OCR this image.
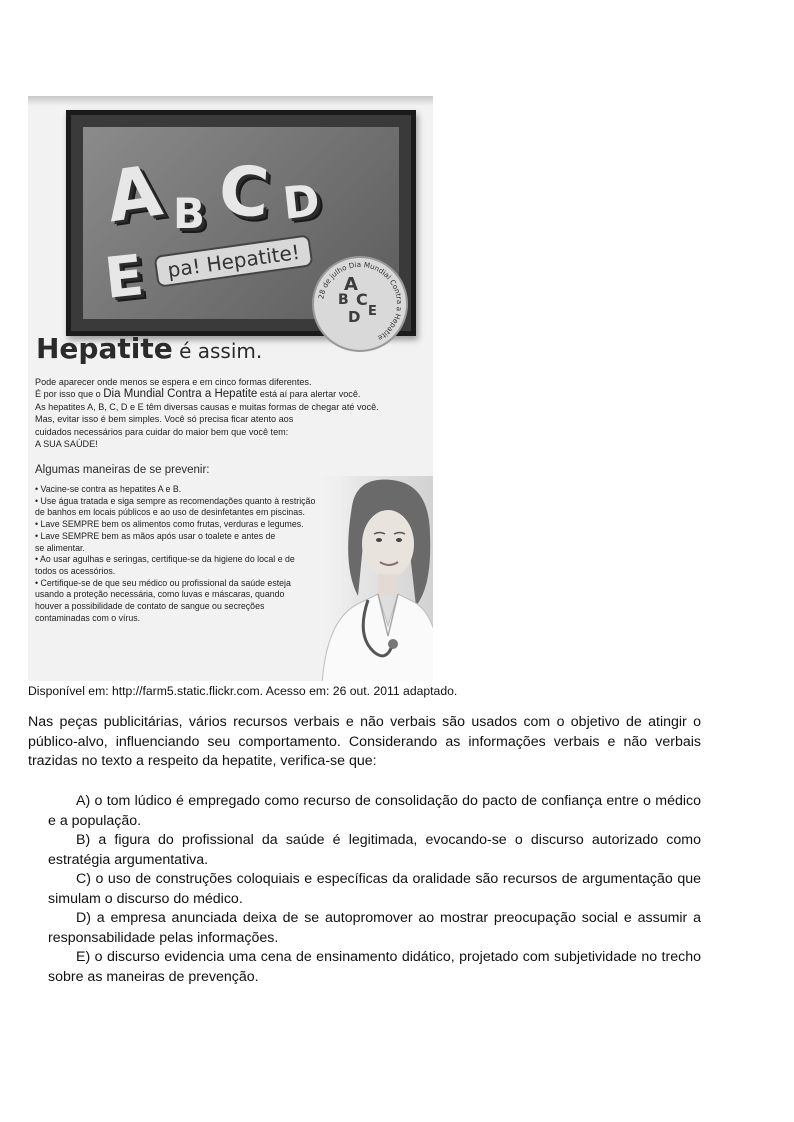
A B C D
E pa! Hepatite!
28 de julho Dia Mundial Contra a Hepatite
A
B C
D E
Hepatite é assim.

Pode aparecer onde menos se espera e em cinco formas diferentes.

É por isso que o Dia Mundial Contra a Hepatite está aí para alertar você.

As hepatites A, B, C, D e E têm diversas causas e muitas formas de chegar até você.

Mas, evitar isso é bem simples. Você só precisa ficar atento aos

cuidados necessários para cuidar do maior bem que você tem:

A SUA SAÚDE!

Algumas maneiras de se prevenir:

• Vacine-se contra as hepatites A e B.

• Use água tratada e siga sempre as recomendações quanto à restrição

de banhos em locais públicos e ao uso de desinfetantes em piscinas.

• Lave SEMPRE bem os alimentos como frutas, verduras e legumes.

• Lave SEMPRE bem as mãos após usar o toalete e antes de

se alimentar.

• Ao usar agulhas e seringas, certifique-se da higiene do local e de

todos os acessórios.

• Certifique-se de que seu médico ou profissional da saúde esteja

usando a proteção necessária, como luvas e máscaras, quando

houver a possibilidade de contato de sangue ou secreções

contaminadas com o vírus.

Disponível em: http://farm5.static.flickr.com. Acesso em: 26 out. 2011 adaptado.

Nas peças publicitárias, vários recursos verbais e não verbais são usados com o objetivo de atingir o público-alvo, influenciando seu comportamento. Considerando as informações verbais e não verbais trazidas no texto a respeito da hepatite, verifica-se que:

A) o tom lúdico é empregado como recurso de consolidação do pacto de confiança entre o médico e a população.

B) a figura do profissional da saúde é legitimada, evocando-se o discurso autorizado como estratégia argumentativa.

C) o uso de construções coloquiais e específicas da oralidade são recursos de argumentação que simulam o discurso do médico.

D) a empresa anunciada deixa de se autopromover ao mostrar preocupação social e assumir a responsabilidade pelas informações.

E) o discurso evidencia uma cena de ensinamento didático, projetado com subjetividade no trecho sobre as maneiras de prevenção.
